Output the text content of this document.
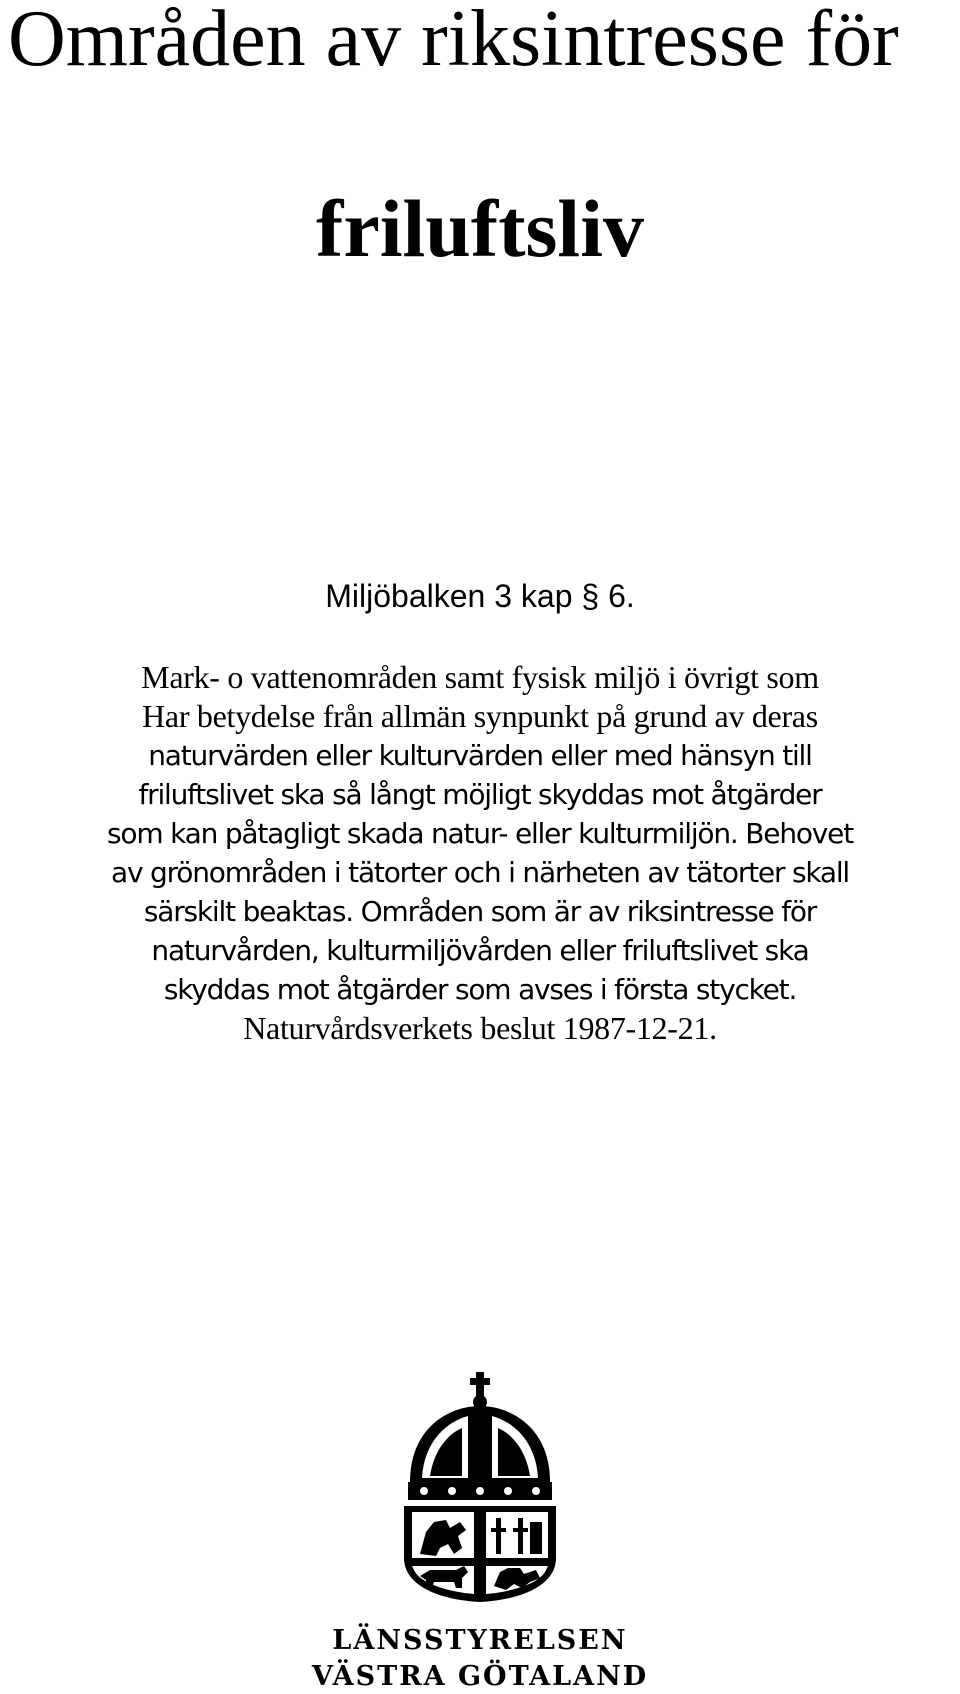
Områden av riksintresse för
friluftsliv
Miljöbalken 3 kap § 6.
Mark- o vattenområden samt fysisk miljö i övrigt som
Har betydelse från allmän synpunkt på grund av deras
naturvärden eller kulturvärden eller med hänsyn till
friluftslivet ska så långt möjligt skyddas mot åtgärder
som kan påtagligt skada natur- eller kulturmiljön. Behovet
av grönområden i tätorter och i närheten av tätorter skall
särskilt beaktas. Områden som är av riksintresse för
naturvården, kulturmiljövården eller friluftslivet ska
skyddas mot åtgärder som avses i första stycket.
Naturvårdsverkets beslut 1987-12-21.
LÄNSSTYRELSEN
VÄSTRA GÖTALAND
